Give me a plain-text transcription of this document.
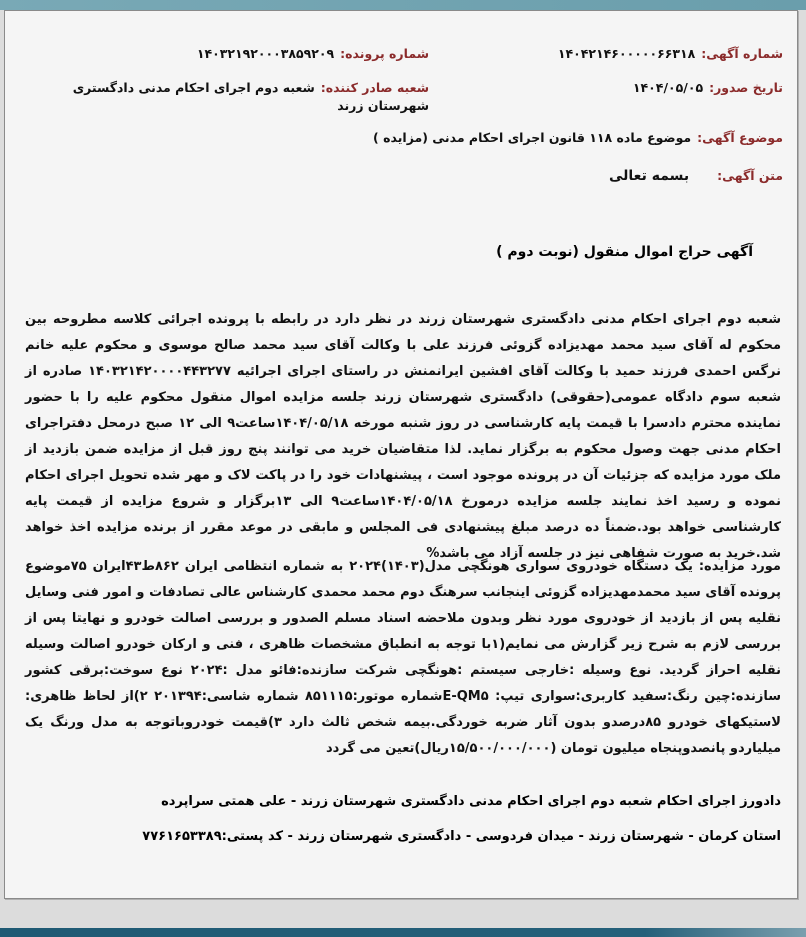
شماره آگهی:۱۴۰۴۲۱۴۶۰۰۰۰۰۶۶۳۱۸
شماره پرونده:۱۴۰۳۲۱۹۲۰۰۰۳۸۵۹۲۰۹
تاریخ صدور:۱۴۰۴/۰۵/۰۵
شعبه صادر کننده:شعبه دوم اجرای احکام مدنی دادگستری شهرستان زرند
موضوع آگهی:موضوع ماده ۱۱۸ قانون اجرای احکام مدنی (مزایده )
متن آگهی:بسمه تعالی
آگهی حراج اموال منقول (نوبت دوم )
شعبه دوم اجرای احکام مدنی دادگستری شهرستان زرند در نظر دارد در رابطه با پرونده اجرائی کلاسه مطروحه بین محکوم له آقای سید محمد مهدیزاده گزوئی فرزند علی با وکالت آقای سید محمد صالح موسوی و محکوم علیه خانم نرگس احمدی فرزند حمید با وکالت آقای افشین ایرانمنش در راستای اجرای اجرائیه ۱۴۰۳۲۱۴۲۰۰۰۰۴۴۳۲۷۷ صادره از شعبه سوم دادگاه عمومی(حقوقی) دادگستری شهرستان زرند جلسه مزایده اموال منقول محکوم علیه را با حضور نماینده محترم دادسرا با قیمت پایه کارشناسی در روز شنبه مورخه ۱۴۰۴/۰۵/۱۸ساعت۹ الی ۱۲ صبح درمحل دفتراجرای احکام مدنی جهت وصول محکوم به برگزار نماید. لذا متقاضیان خرید می توانند پنج روز قبل از مزایده ضمن بازدید از ملک مورد مزایده که جزئیات آن در پرونده موجود است ، پیشنهادات خود را در پاکت لاک و مهر شده تحویل اجرای احکام نموده و رسید اخذ نمایند جلسه مزایده درمورخ ۱۴۰۴/۰۵/۱۸ساعت۹ الی ۱۳برگزار و شروع مزایده از قیمت پایه کارشناسی خواهد بود.ضمناً ده درصد مبلغ پیشنهادی فی المجلس و مابقی در موعد مقرر از برنده مزایده اخذ خواهد شد.خرید به صورت شفاهی نیز در جلسه آزاد می باشد%
مورد مزایده: یک دستگاه خودروی سواری هونگچی مدل(۱۴۰۳)۲۰۲۴ به شماره انتظامی ایران ۸۶۲ط۴۳ایران ۷۵موضوع پرونده آقای سید محمدمهدیزاده گزوئی اینجانب سرهنگ دوم محمد محمدی کارشناس عالی تصادفات و امور فنی وسایل نقلیه پس از بازدید از خودروی مورد نظر وبدون ملاحضه اسناد مسلم الصدور و بررسی اصالت خودرو و نهایتا پس از بررسی لازم به شرح زیر گزارش می نمایم(۱با توجه به انطباق مشخصات ظاهری ، فنی و ارکان خودرو اصالت وسیله نقلیه احراز گردید. نوع وسیله :خارجی سیستم :هونگچی شرکت سازنده:فائو مدل :۲۰۲۴ نوع سوخت:برقی کشور سازنده:چین رنگ:سفید کاربری:سواری تیپ: E-QM۵شماره موتور:۸۵۱۱۱۵ شماره شاسی:۲۰۱۳۹۴ ۲)از لحاظ ظاهری: لاستیکهای خودرو ۸۵درصدو بدون آثار ضربه خوردگی.بیمه شخص ثالث دارد ۳)قیمت خودروباتوجه به مدل ورنگ یک میلیاردو پانصدوپنجاه میلیون تومان (۱۵/۵۰۰/۰۰۰/۰۰۰ریال)تعین می گردد
دادورز اجرای احکام شعبه دوم اجرای احکام مدنی دادگستری شهرستان زرند - علی همتی سراپرده
استان کرمان - شهرستان زرند - میدان فردوسی - دادگستری شهرستان زرند - کد پستی:۷۷۶۱۶۵۳۳۸۹
